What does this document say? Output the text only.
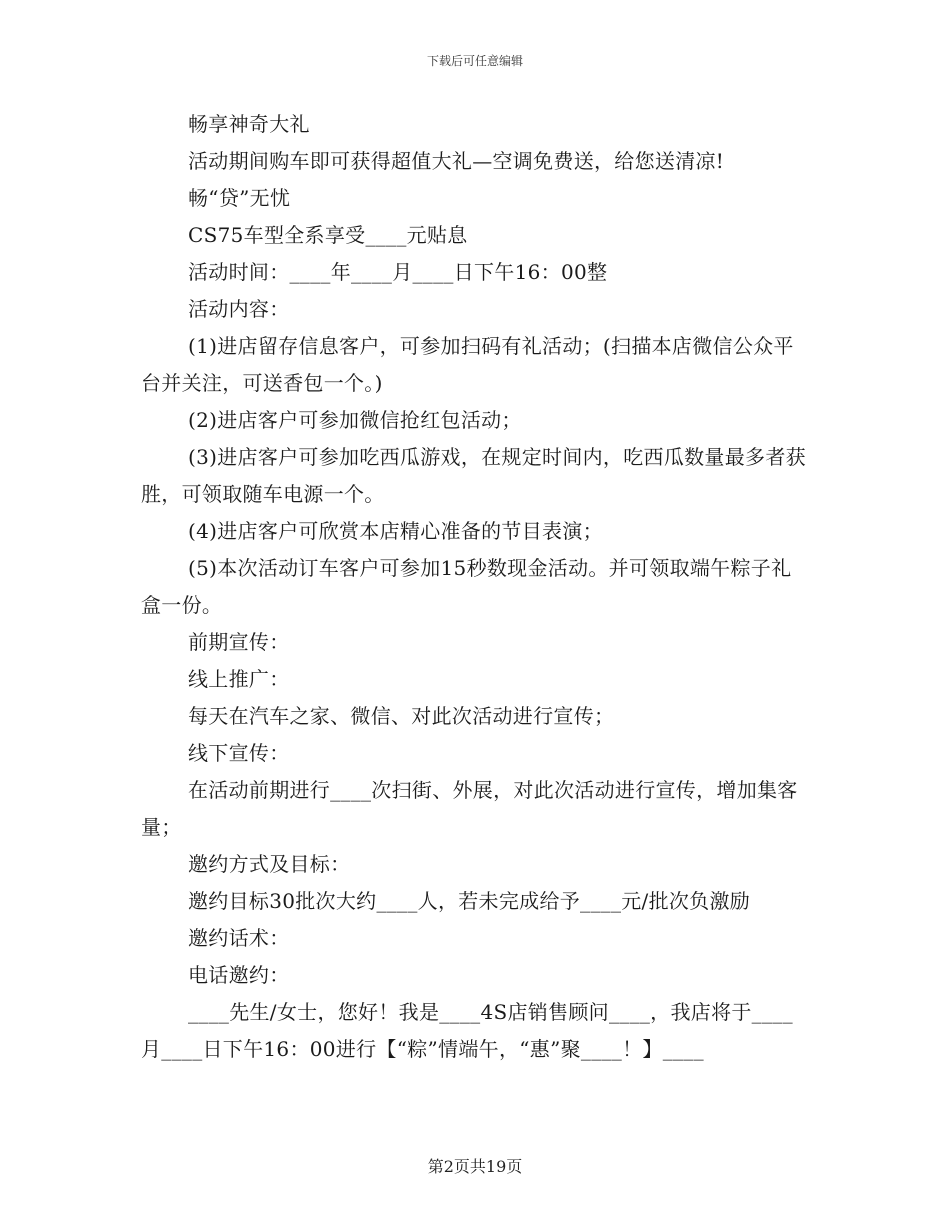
下载后可任意编辑

畅享神奇大礼

活动期间购车即可获得超值大礼—空调免费送，给您送清凉!

畅“贷”无忧

CS75车型全系享受____元贴息

活动时间：____年____月____日下午16：00整

活动内容：

(1)进店留存信息客户，可参加扫码有礼活动；(扫描本店微信公众平台并关注，可送香包一个。)

(2)进店客户可参加微信抢红包活动；

(3)进店客户可参加吃西瓜游戏，在规定时间内，吃西瓜数量最多者获胜，可领取随车电源一个。

(4)进店客户可欣赏本店精心准备的节目表演；

(5)本次活动订车客户可参加15秒数现金活动。并可领取端午粽子礼盒一份。

前期宣传：

线上推广：

每天在汽车之家、微信、对此次活动进行宣传；

线下宣传：

在活动前期进行____次扫街、外展，对此次活动进行宣传，增加集客量；

邀约方式及目标：

邀约目标30批次大约____人，若未完成给予____元/批次负激励

邀约话术：

电话邀约：

____先生/女士，您好！我是____4S店销售顾问____，我店将于____月____日下午16：00进行【“粽”情端午，“惠”聚____！】____

第2页共19页
